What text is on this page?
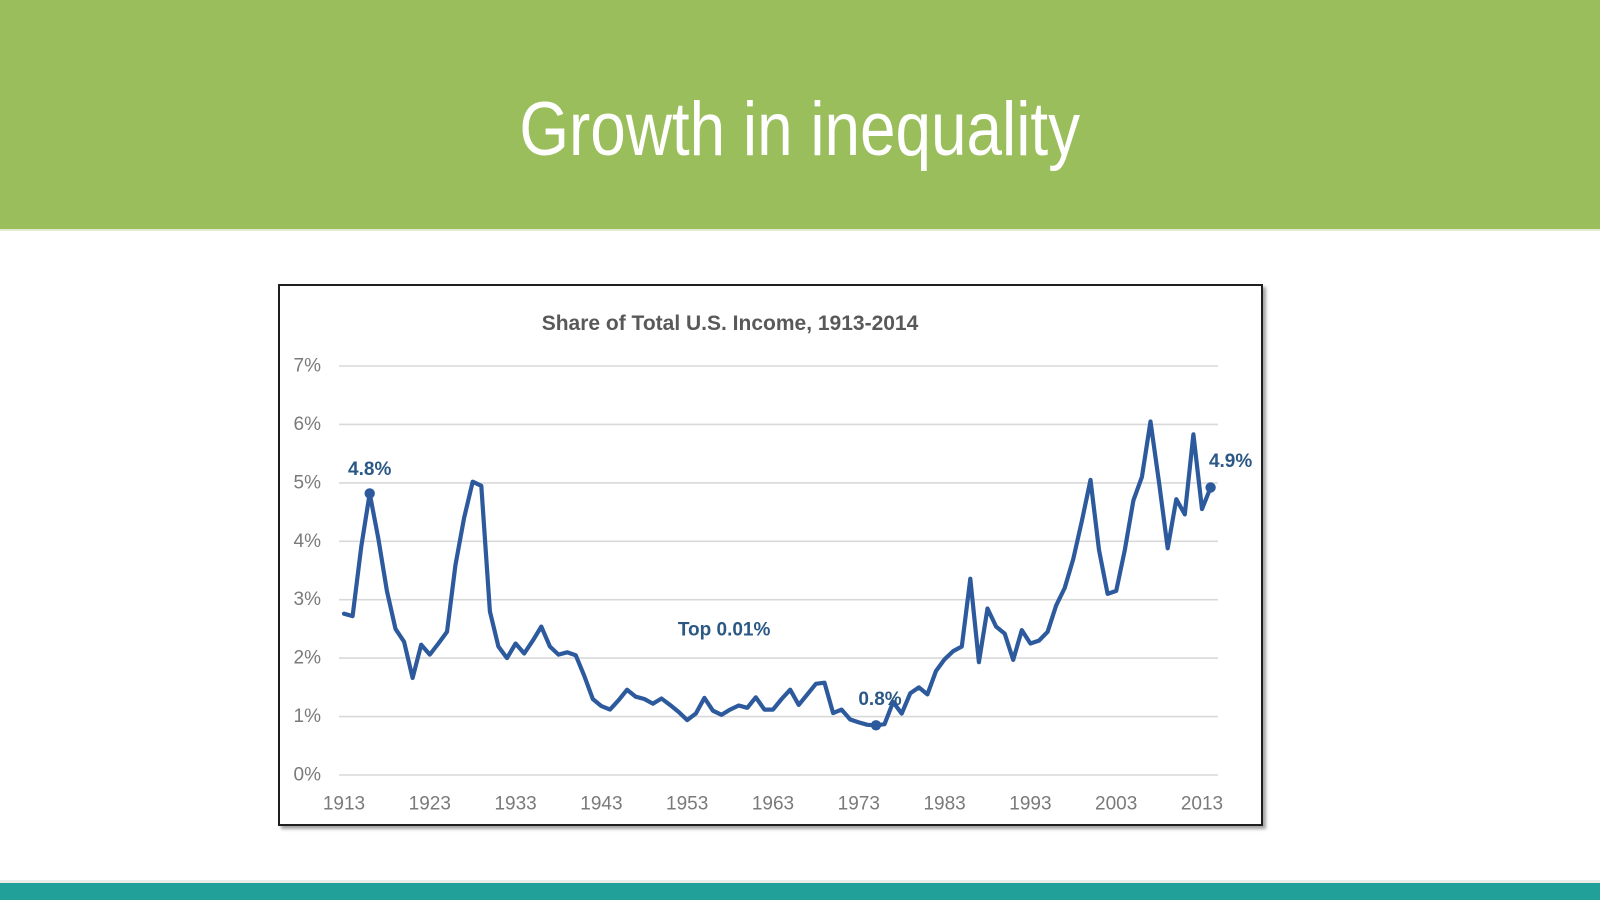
Growth in inequality
Share of Total U.S. Income, 1913-2014
0%
1%
2%
3%
4%
5%
6%
7%
1913 1923 1933 1943 1953 1963 1973 1983 1993 2003 2013
4.8%
Top 0.01%
0.8%
4.9%
